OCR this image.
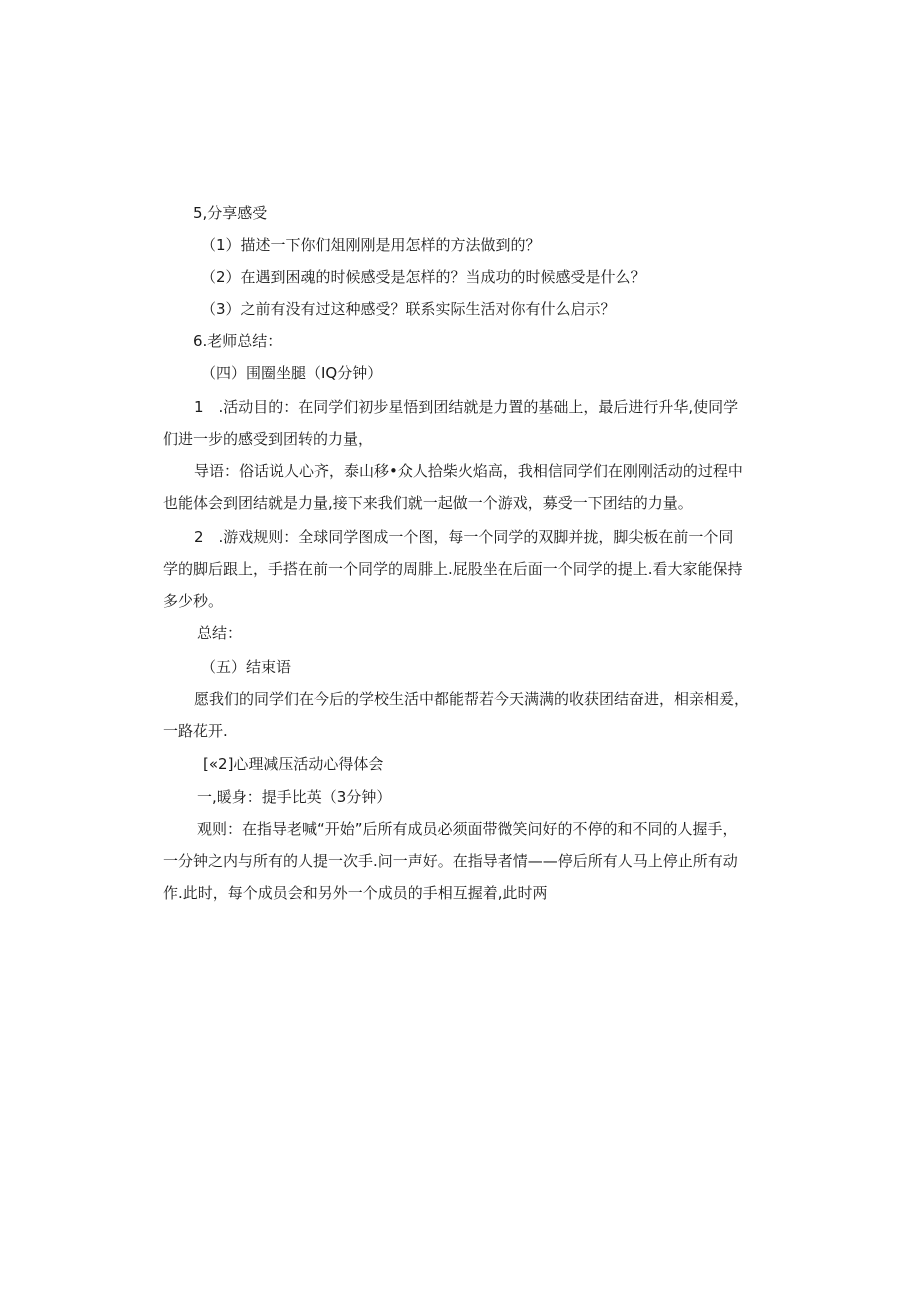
5,分享感受
（1）描述一下你们俎刚刚是用怎样的方法做到的？
（2）在遇到困魂的时候感受是怎样的？当成功的时候感受是什么？
（3）之前有没有过这种感受？联系实际生活对你有什么启示？
6.老师总结：
（四）围圈坐腿（IQ分钟）
1　.活动目的：在同学们初步星悟到团结就是力置的基础上，最后进行升华,使同学
们进一步的感受到团转的力量，
导语：俗话说人心齐，泰山移•众人拾柴火焰高，我相信同学们在刚刚活动的过程中
也能体会到团结就是力量,接下来我们就一起做一个游戏，募受一下团结的力量。
2　.游戏规则：全球同学图成一个图，每一个同学的双脚并拢，脚尖板在前一个同
学的脚后跟上，手搭在前一个同学的周腓上.屁股坐在后面一个同学的提上.看大家能保持
多少秒。
总结：
（五）结束语
愿我们的同学们在今后的学校生活中都能帮若今天满满的收获团结奋进，相亲相爰，
一路花开.
[«2]心理减压活动心得体会
一,暖身：提手比英（3分钟）
观则：在指导老喊“开始”后所有成员必须面带微笑问好的不停的和不同的人握手，
一分钟之内与所有的人提一次手.问一声好。在指导者情——停后所有人马上停止所有动
作.此时，每个成员会和另外一个成员的手相互握着,此时两
